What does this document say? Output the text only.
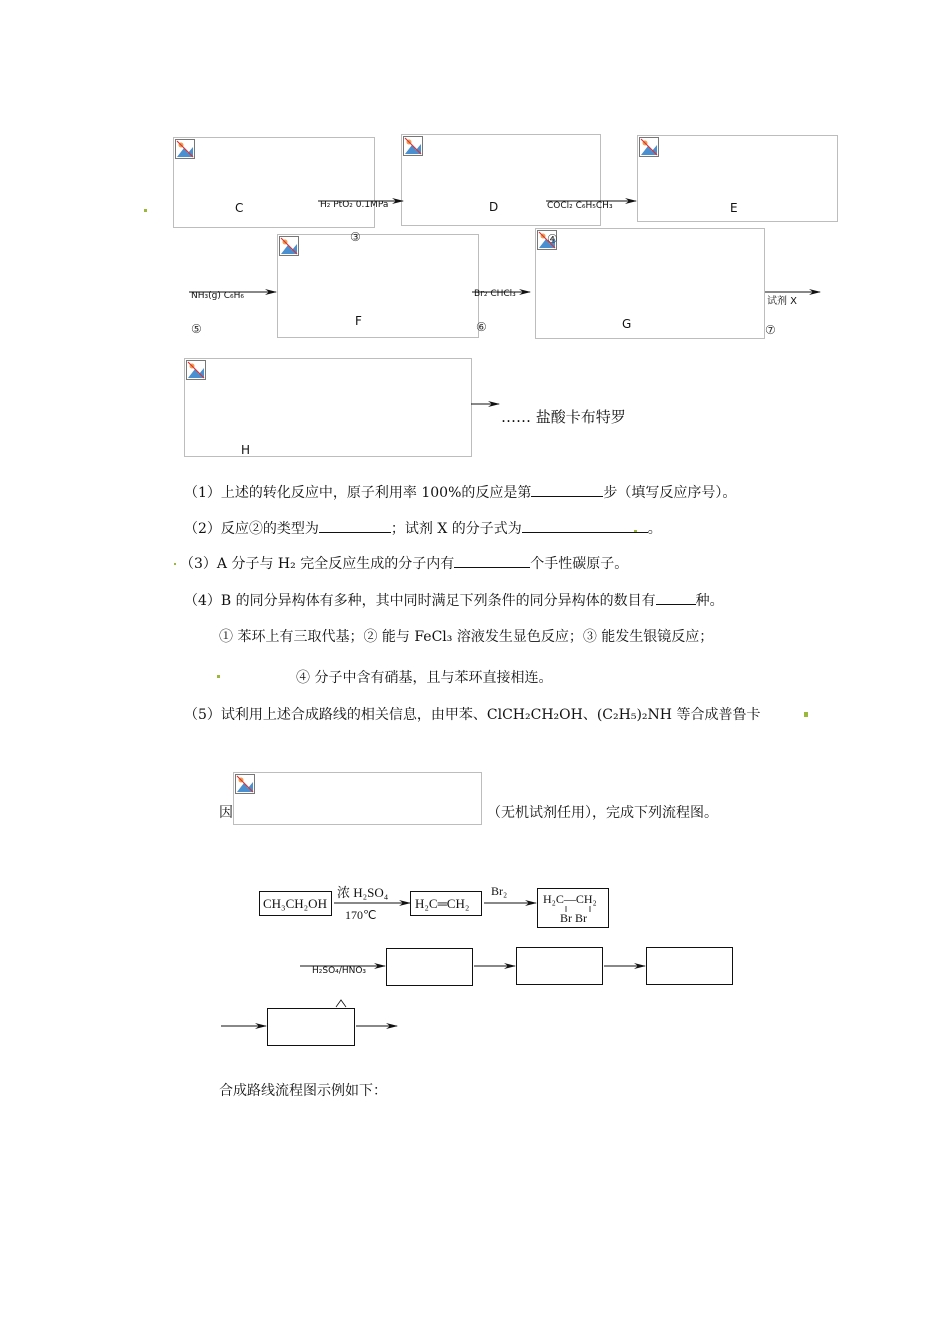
C	D	E
F	G
H
H₂ PtO₂ 0.1MPa	COCl₂ C₆H₅CH₃
NH₃(g) C₆H₆	Br₂ CHCl₃
试剂 X
③	④
⑤	⑥	⑦
…… 盐酸卡布特罗
（1）上述的转化反应中，原子利用率 100%的反应是第	步（填写反应序号）。
（2）反应②的类型为	；试剂 X 的分子式为	。
（3）A 分子与 H₂ 完全反应生成的分子内有	个手性碳原子。
（4）B 的同分异构体有多种，其中同时满足下列条件的同分异构体的数目有	种。
① 苯环上有三取代基；② 能与 FeCl₃ 溶液发生显色反应；③ 能发生银镜反应；
④ 分子中含有硝基，且与苯环直接相连。
（5）试利用上述合成路线的相关信息，由甲苯、ClCH₂CH₂OH、(C₂H₅)₂NH 等合成普鲁卡
因	（无机试剂任用），完成下列流程图。
CH₃CH₂OH
浓 H₂SO₄
170℃
H₂C═CH₂
Br₂
H₂C—CH₂
Br Br
H₂SO₄/HNO₃
合成路线流程图示例如下：
